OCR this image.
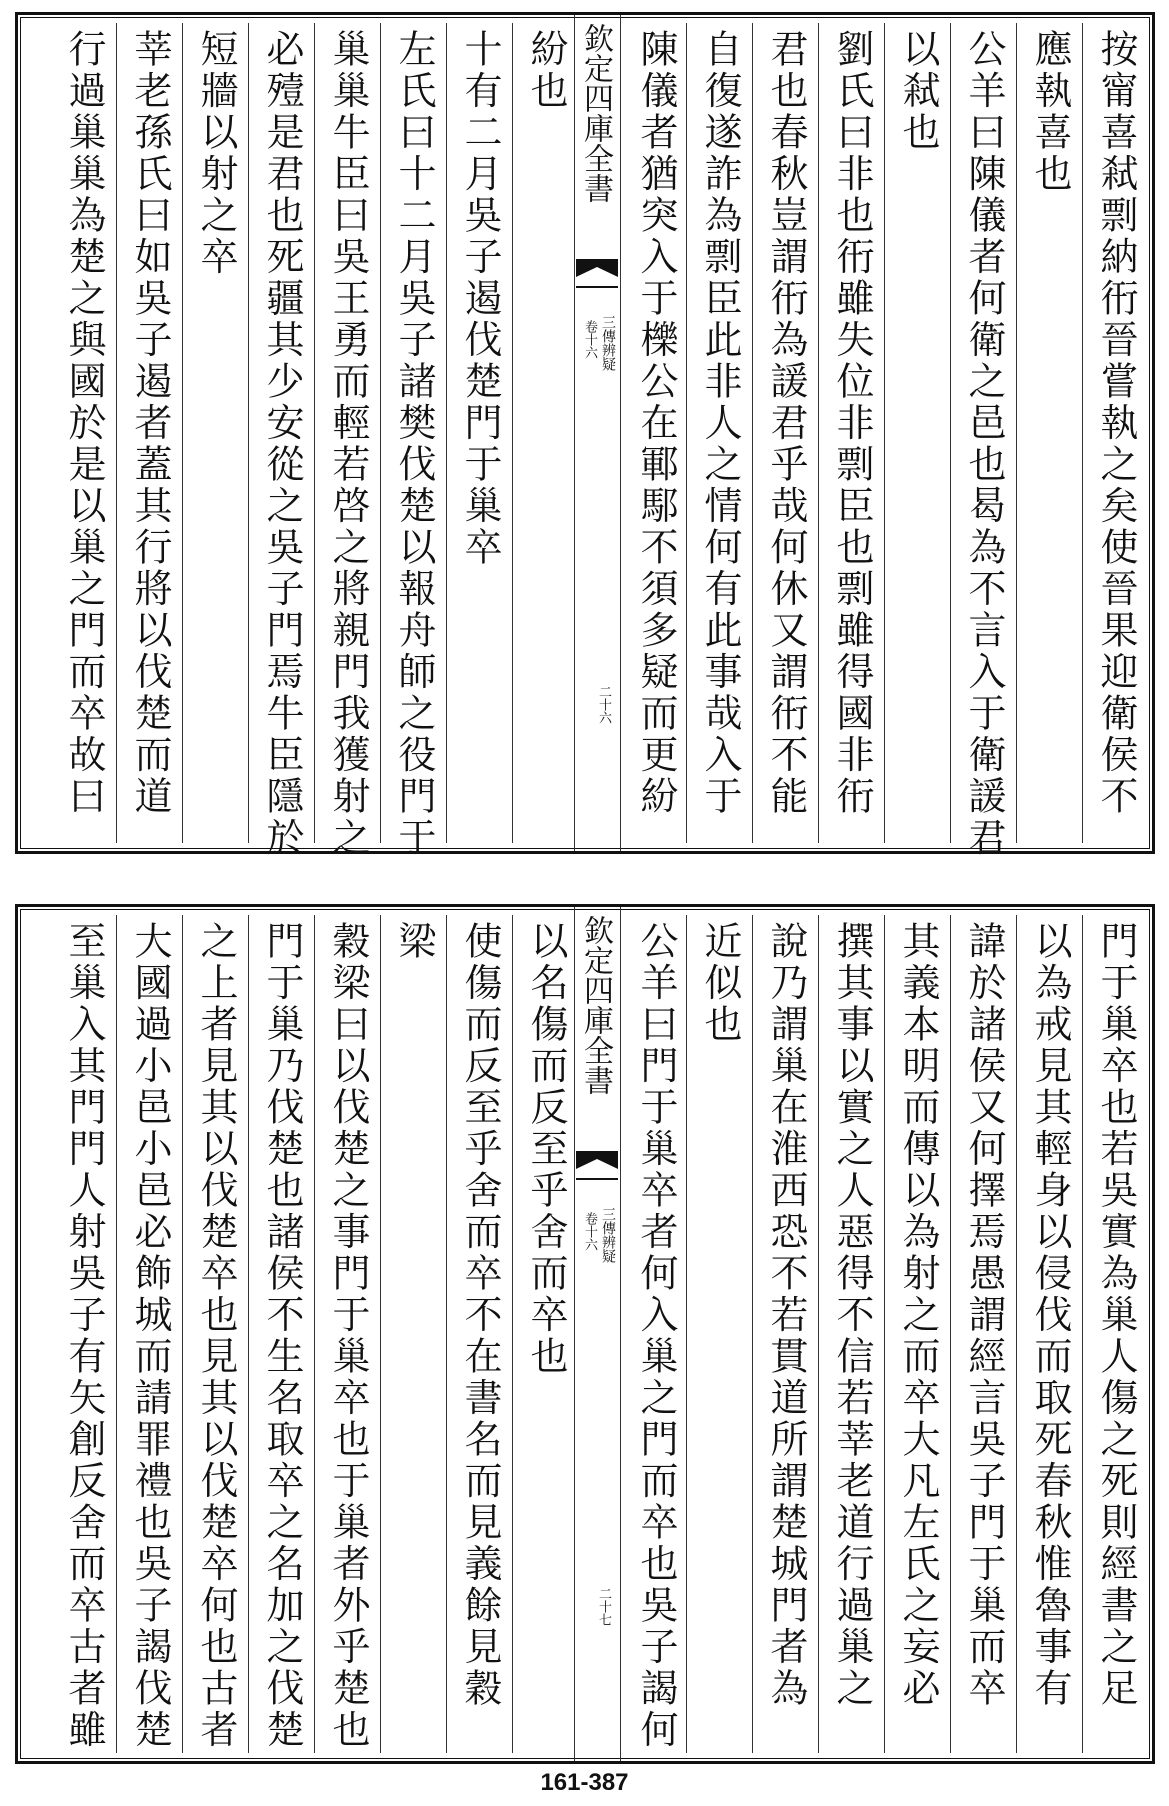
按甯喜弒剽納衎晉嘗執之矣使晉果迎衛侯不
應執喜也
公羊曰陳儀者何衛之邑也曷為不言入于衛諼君
以弒也
劉氏曰非也衎雖失位非剽臣也剽雖得國非衎
君也春秋豈謂衎為諼君乎哉何休又謂衎不能
自復遂詐為剽臣此非人之情何有此事哉入于
陳儀者猶突入于櫟公在鄆䣕不須多疑而更紛
欽定四庫全書
三傳辨疑
卷十六
二十六
紛也
十有二月吳子遏伐楚門于巢卒
左氏曰十二月吳子諸樊伐楚以報舟師之役門于
巢巢牛臣曰吳王勇而輕若啓之將親門我獲射之
必殪是君也死疆其少安從之吳子門焉牛臣隱於
短牆以射之卒
莘老孫氏曰如吳子遏者蓋其行將以伐楚而道
行過巢巢為楚之與國於是以巢之門而卒故曰
門于巢卒也若吳實為巢人傷之死則經書之足
以為戒見其輕身以侵伐而取死春秋惟魯事有
諱於諸侯又何擇焉愚謂經言吳子門于巢而卒
其義本明而傳以為射之而卒大凡左氏之妄必
撰其事以實之人惡得不信若莘老道行過巢之
說乃謂巢在淮西恐不若貫道所謂楚城門者為
近似也
公羊曰門于巢卒者何入巢之門而卒也吳子謁何
欽定四庫全書
三傳辨疑
卷十六
二十七
以名傷而反至乎舍而卒也
使傷而反至乎舍而卒不在書名而見義餘見穀
梁
穀梁曰以伐楚之事門于巢卒也于巢者外乎楚也
門于巢乃伐楚也諸侯不生名取卒之名加之伐楚
之上者見其以伐楚卒也見其以伐楚卒何也古者
大國過小邑小邑必飾城而請罪禮也吳子謁伐楚
至巢入其門門人射吳子有矢創反舍而卒古者雖
161-387
